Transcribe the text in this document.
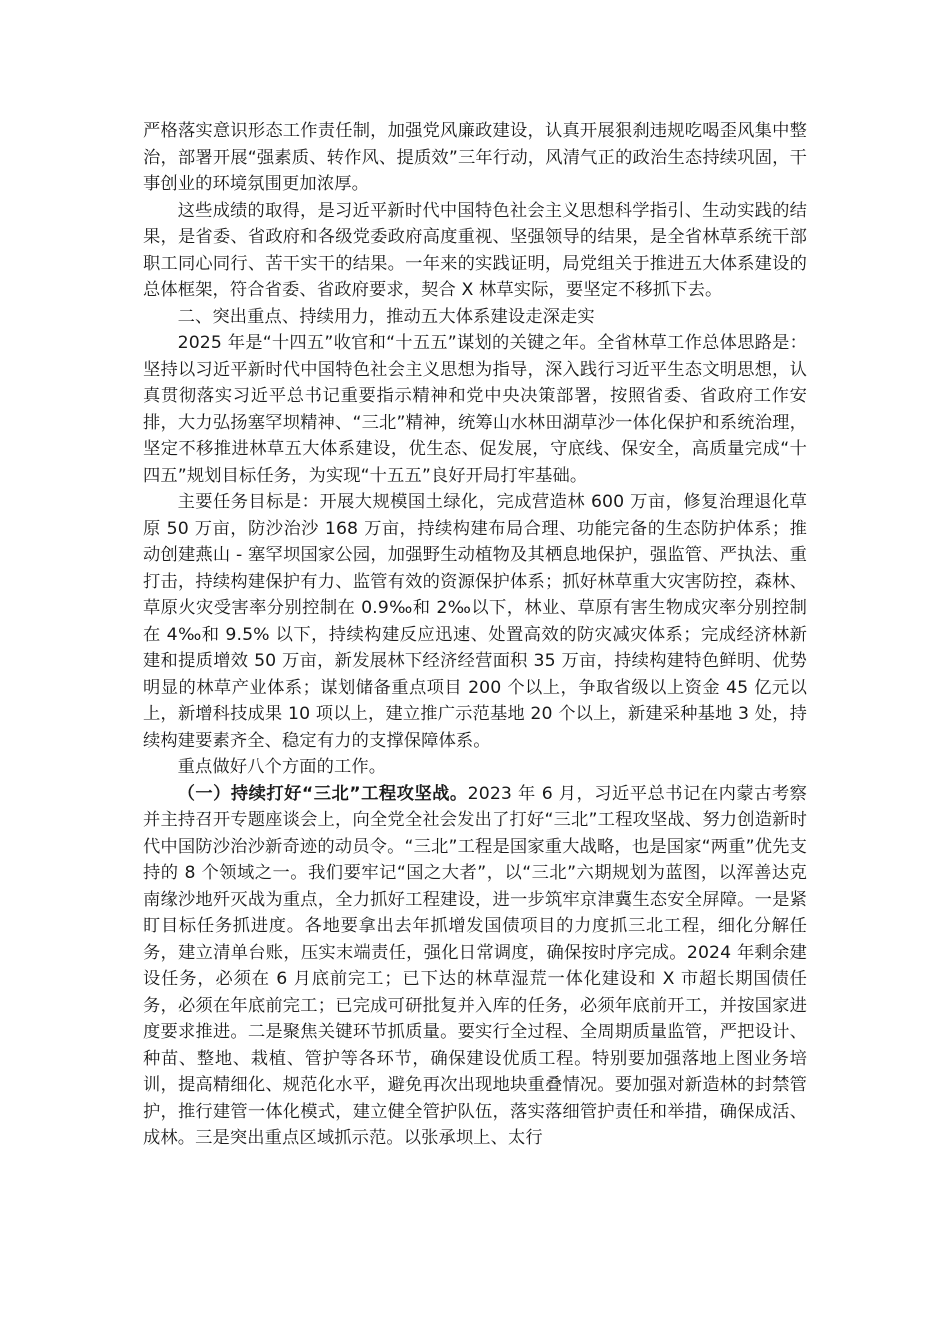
严格落实意识形态工作责任制，加强党风廉政建设，认真开展狠刹违规吃喝歪风集中整治，部署开展“强素质、转作风、提质效”三年行动，风清气正的政治生态持续巩固，干事创业的环境氛围更加浓厚。

这些成绩的取得，是习近平新时代中国特色社会主义思想科学指引、生动实践的结果，是省委、省政府和各级党委政府高度重视、坚强领导的结果，是全省林草系统干部职工同心同行、苦干实干的结果。一年来的实践证明，局党组关于推进五大体系建设的总体框架，符合省委、省政府要求，契合 X 林草实际，要坚定不移抓下去。

二、突出重点、持续用力，推动五大体系建设走深走实

2025 年是“十四五”收官和“十五五”谋划的关键之年。全省林草工作总体思路是：坚持以习近平新时代中国特色社会主义思想为指导，深入践行习近平生态文明思想，认真贯彻落实习近平总书记重要指示精神和党中央决策部署，按照省委、省政府工作安排，大力弘扬塞罕坝精神、“三北”精神，统筹山水林田湖草沙一体化保护和系统治理，坚定不移推进林草五大体系建设，优生态、促发展，守底线、保安全，高质量完成“十四五”规划目标任务，为实现“十五五”良好开局打牢基础。

主要任务目标是：开展大规模国土绿化，完成营造林 600 万亩，修复治理退化草原 50 万亩，防沙治沙 168 万亩，持续构建布局合理、功能完备的生态防护体系；推动创建燕山 - 塞罕坝国家公园，加强野生动植物及其栖息地保护，强监管、严执法、重打击，持续构建保护有力、监管有效的资源保护体系；抓好林草重大灾害防控，森林、草原火灾受害率分别控制在 0.9‰和 2‰以下，林业、草原有害生物成灾率分别控制在 4‰和 9.5% 以下，持续构建反应迅速、处置高效的防灾减灾体系；完成经济林新建和提质增效 50 万亩，新发展林下经济经营面积 35 万亩，持续构建特色鲜明、优势明显的林草产业体系；谋划储备重点项目 200 个以上，争取省级以上资金 45 亿元以上，新增科技成果 10 项以上，建立推广示范基地 20 个以上，新建采种基地 3 处，持续构建要素齐全、稳定有力的支撑保障体系。

重点做好八个方面的工作。

（一）持续打好“三北”工程攻坚战。2023 年 6 月，习近平总书记在内蒙古考察并主持召开专题座谈会上，向全党全社会发出了打好“三北”工程攻坚战、努力创造新时代中国防沙治沙新奇迹的动员令。“三北”工程是国家重大战略，也是国家“两重”优先支持的 8 个领域之一。我们要牢记“国之大者”，以“三北”六期规划为蓝图，以浑善达克南缘沙地歼灭战为重点，全力抓好工程建设，进一步筑牢京津冀生态安全屏障。一是紧盯目标任务抓进度。各地要拿出去年抓增发国债项目的力度抓三北工程，细化分解任务，建立清单台账，压实末端责任，强化日常调度，确保按时序完成。2024 年剩余建设任务，必须在 6 月底前完工；已下达的林草湿荒一体化建设和 X 市超长期国债任务，必须在年底前完工；已完成可研批复并入库的任务，必须年底前开工，并按国家进度要求推进。二是聚焦关键环节抓质量。要实行全过程、全周期质量监管，严把设计、种苗、整地、栽植、管护等各环节，确保建设优质工程。特别要加强落地上图业务培训，提高精细化、规范化水平，避免再次出现地块重叠情况。要加强对新造林的封禁管护，推行建管一体化模式，建立健全管护队伍，落实落细管护责任和举措，确保成活、成林。三是突出重点区域抓示范。以张承坝上、太行
